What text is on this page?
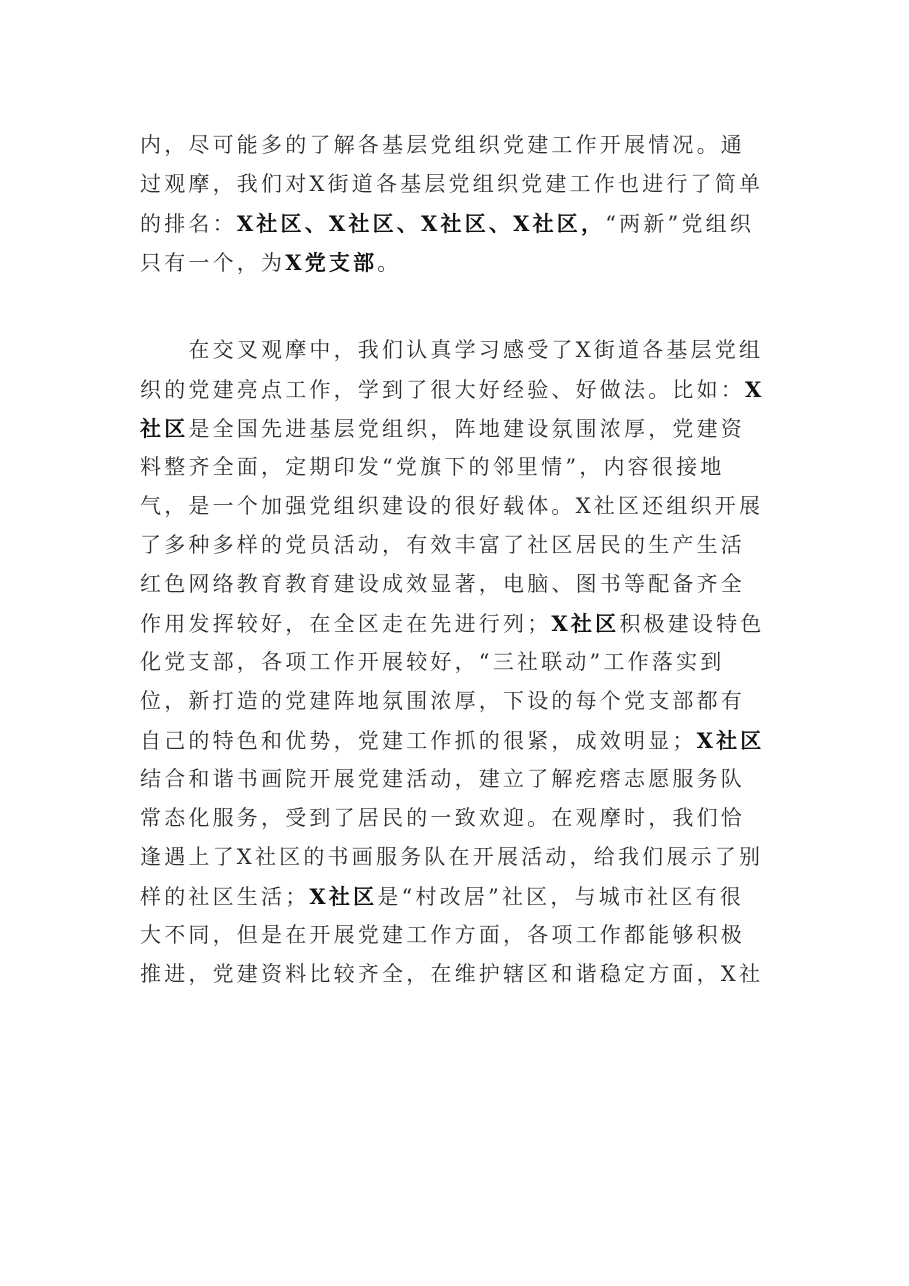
内，尽可能多的了解各基层党组织党建工作开展情况。通
过观摩，我们对X街道各基层党组织党建工作也进行了简单
的排名：X社区、X社区、X社区、X社区，“两新”党组织
只有一个，为X党支部。
　　在交叉观摩中，我们认真学习感受了X街道各基层党组
织的党建亮点工作，学到了很大好经验、好做法。比如：X
社区是全国先进基层党组织，阵地建设氛围浓厚，党建资
料整齐全面，定期印发“党旗下的邻里情”，内容很接地
气，是一个加强党组织建设的很好载体。X社区还组织开展
了多种多样的党员活动，有效丰富了社区居民的生产生活
红色网络教育教育建设成效显著，电脑、图书等配备齐全
作用发挥较好，在全区走在先进行列；X社区积极建设特色
化党支部，各项工作开展较好，“三社联动”工作落实到
位，新打造的党建阵地氛围浓厚，下设的每个党支部都有
自己的特色和优势，党建工作抓的很紧，成效明显；X社区
结合和谐书画院开展党建活动，建立了解疙瘩志愿服务队
常态化服务，受到了居民的一致欢迎。在观摩时，我们恰
逢遇上了X社区的书画服务队在开展活动，给我们展示了别
样的社区生活；X社区是“村改居”社区，与城市社区有很
大不同，但是在开展党建工作方面，各项工作都能够积极
推进，党建资料比较齐全，在维护辖区和谐稳定方面，X社
